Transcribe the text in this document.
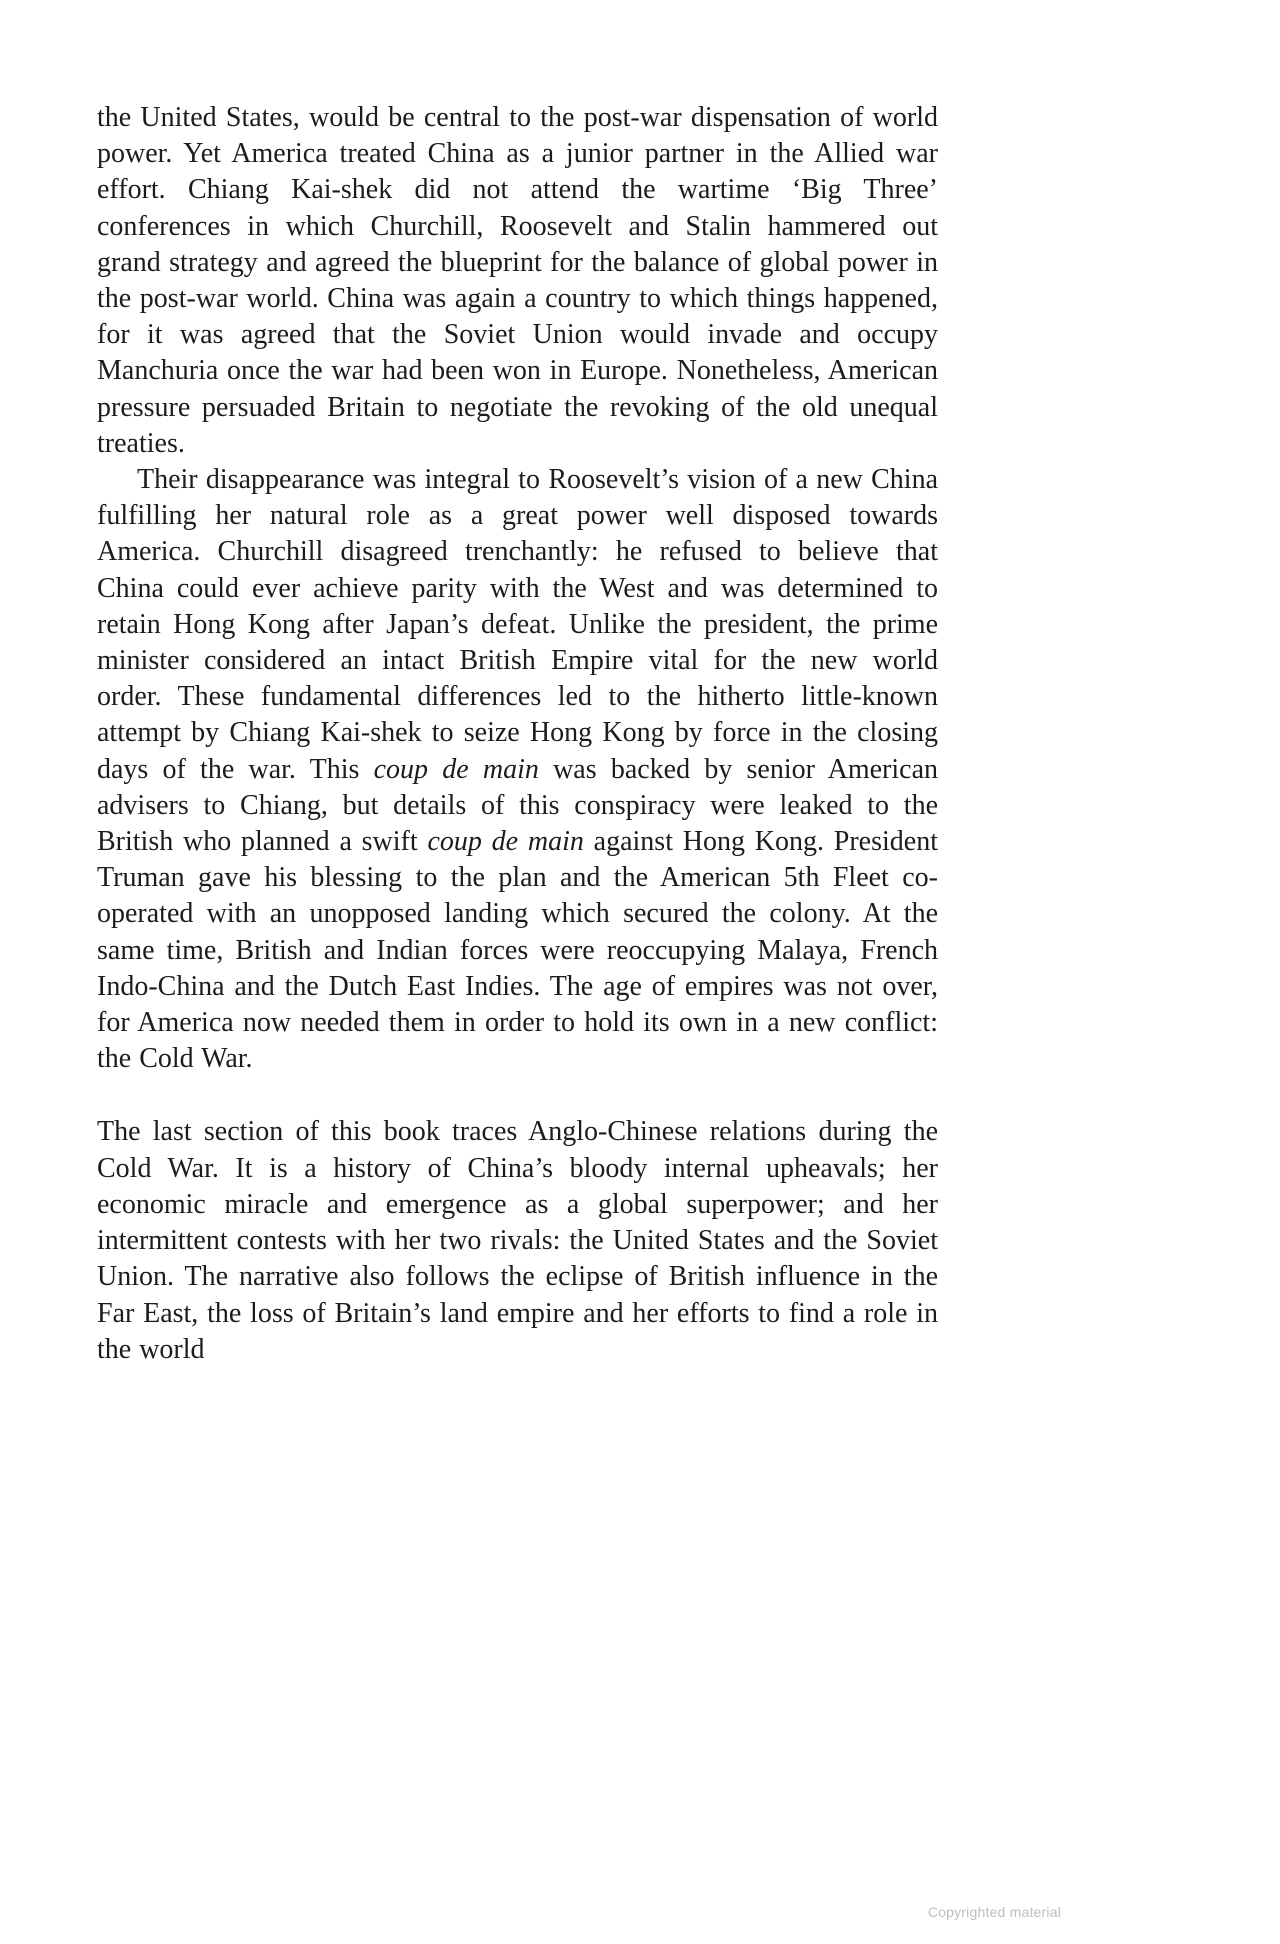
the United States, would be central to the post-war dispensation of world power. Yet America treated China as a junior partner in the Allied war effort. Chiang Kai-shek did not attend the wartime ‘Big Three’ conferences in which Churchill, Roosevelt and Stalin hammered out grand strategy and agreed the blueprint for the balance of global power in the post-war world. China was again a country to which things happened, for it was agreed that the Soviet Union would invade and occupy Manchuria once the war had been won in Europe. Nonetheless, American pressure persuaded Britain to negotiate the revoking of the old unequal treaties.

Their disappearance was integral to Roosevelt’s vision of a new China fulfilling her natural role as a great power well disposed towards America. Churchill disagreed trenchantly: he refused to believe that China could ever achieve parity with the West and was determined to retain Hong Kong after Japan’s defeat. Unlike the president, the prime minister considered an intact British Empire vital for the new world order. These fundamental differences led to the hitherto little-known attempt by Chiang Kai-shek to seize Hong Kong by force in the closing days of the war. This coup de main was backed by senior American advisers to Chiang, but details of this conspiracy were leaked to the British who planned a swift coup de main against Hong Kong. President Truman gave his blessing to the plan and the American 5th Fleet co-operated with an unopposed landing which secured the colony. At the same time, British and Indian forces were reoccupying Malaya, French Indo-China and the Dutch East Indies. The age of empires was not over, for America now needed them in order to hold its own in a new conflict: the Cold War.

The last section of this book traces Anglo-Chinese relations during the Cold War. It is a history of China’s bloody internal upheavals; her economic miracle and emergence as a global superpower; and her intermittent contests with her two rivals: the United States and the Soviet Union. The narrative also follows the eclipse of British influence in the Far East, the loss of Britain’s land empire and her efforts to find a role in the world

Copyrighted material
